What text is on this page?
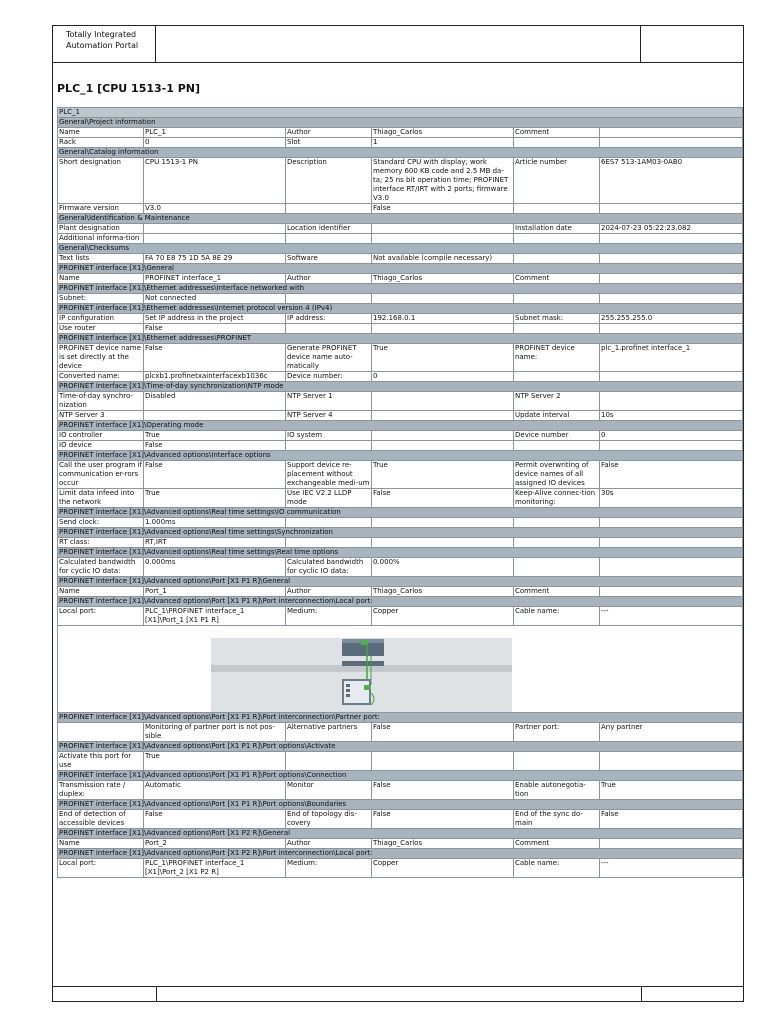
Totally Integrated
Automation Portal
PLC_1 [CPU 1513-1 PN]
PLC_1					
General\Project information					
Name	PLC_1	Author	Thiago_Carlos	Comment	
Rack	0	Slot	1		
General\Catalog information					
Short designation	CPU 1513-1 PN	Description	Standard CPU with display; work memory 600 KB code and 2.5 MB da-ta; 25 ns bit operation time; PROFINET interface RT/IRT with 2 ports; firmware V3.0	Article number	6ES7 513-1AM03-0AB0
Firmware version	V3.0		False		
General\Identification & Maintenance					
Plant designation		Location identifier		Installation date	2024-07-23 05:22:23.082
Additional informa-tion					
General\Checksums					
Text lists	FA 70 E8 75 1D 5A 8E 29	Software	Not available (compile necessary)		
PROFINET interface [X1]\General					
Name	PROFINET interface_1	Author	Thiago_Carlos	Comment	
PROFINET interface [X1]\Ethernet addresses\Interface networked with					
Subnet:	Not connected				
PROFINET interface [X1]\Ethernet addresses\Internet protocol version 4 (IPv4)					
IP configuration	Set IP address in the project	IP address:	192.168.0.1	Subnet mask:	255.255.255.0
Use router	False				
PROFINET interface [X1]\Ethernet addresses\PROFINET					
PROFINET device name is set directly at the device	False	Generate PROFINET device name auto-matically	True	PROFINET device name:	plc_1.profinet interface_1
Converted name:	plcxb1.profinetxainterfacexb1036c	Device number:	0		
PROFINET interface [X1]\Time-of-day synchronization\NTP mode					
Time-of-day synchro-nization	Disabled	NTP Server 1		NTP Server 2	
NTP Server 3		NTP Server 4		Update interval	10s
PROFINET interface [X1]\Operating mode					
IO controller	True	IO system		Device number	0
IO device	False				
PROFINET interface [X1]\Advanced options\Interface options					
Call the user program if communication er-rors occur	False	Support device re-placement without exchangeable medi-um	True	Permit overwriting of device names of all assigned IO devices	False
Limit data infeed into the network	True	Use IEC V2.2 LLDP mode	False	Keep-Alive connec-tion monitoring:	30s
PROFINET interface [X1]\Advanced options\Real time settings\IO communication					
Send clock:	1.000ms				
PROFINET interface [X1]\Advanced options\Real time settings\Synchronization					
RT class:	RT,IRT				
PROFINET interface [X1]\Advanced options\Real time settings\Real time options					
Calculated bandwidth for cyclic IO data:	0.000ms	Calculated bandwidth for cyclic IO data:	0.000%		
PROFINET interface [X1]\Advanced options\Port [X1 P1 R]\General					
Name	Port_1	Author	Thiago_Carlos	Comment	
PROFINET interface [X1]\Advanced options\Port [X1 P1 R]\Port interconnection\Local port:					
Local port:	PLC_1\PROFINET interface_1 [X1]\Port_1 [X1 P1 R]	Medium:	Copper	Cable name:	---

PROFINET interface [X1]\Advanced options\Port [X1 P1 R]\Port interconnection\Partner port:					
	Monitoring of partner port is not pos-sible	Alternative partners	False	Partner port:	Any partner
PROFINET interface [X1]\Advanced options\Port [X1 P1 R]\Port options\Activate					
Activate this port for use	True				
PROFINET interface [X1]\Advanced options\Port [X1 P1 R]\Port options\Connection					
Transmission rate / duplex:	Automatic	Monitor	False	Enable autonegotia-tion	True
PROFINET interface [X1]\Advanced options\Port [X1 P1 R]\Port options\Boundaries					
End of detection of accessible devices	False	End of topology dis-covery	False	End of the sync do-main	False
PROFINET interface [X1]\Advanced options\Port [X1 P2 R]\General					
Name	Port_2	Author	Thiago_Carlos	Comment	
PROFINET interface [X1]\Advanced options\Port [X1 P2 R]\Port interconnection\Local port:					
Local port:	PLC_1\PROFINET interface_1 [X1]\Port_2 [X1 P2 R]	Medium:	Copper	Cable name:	---
